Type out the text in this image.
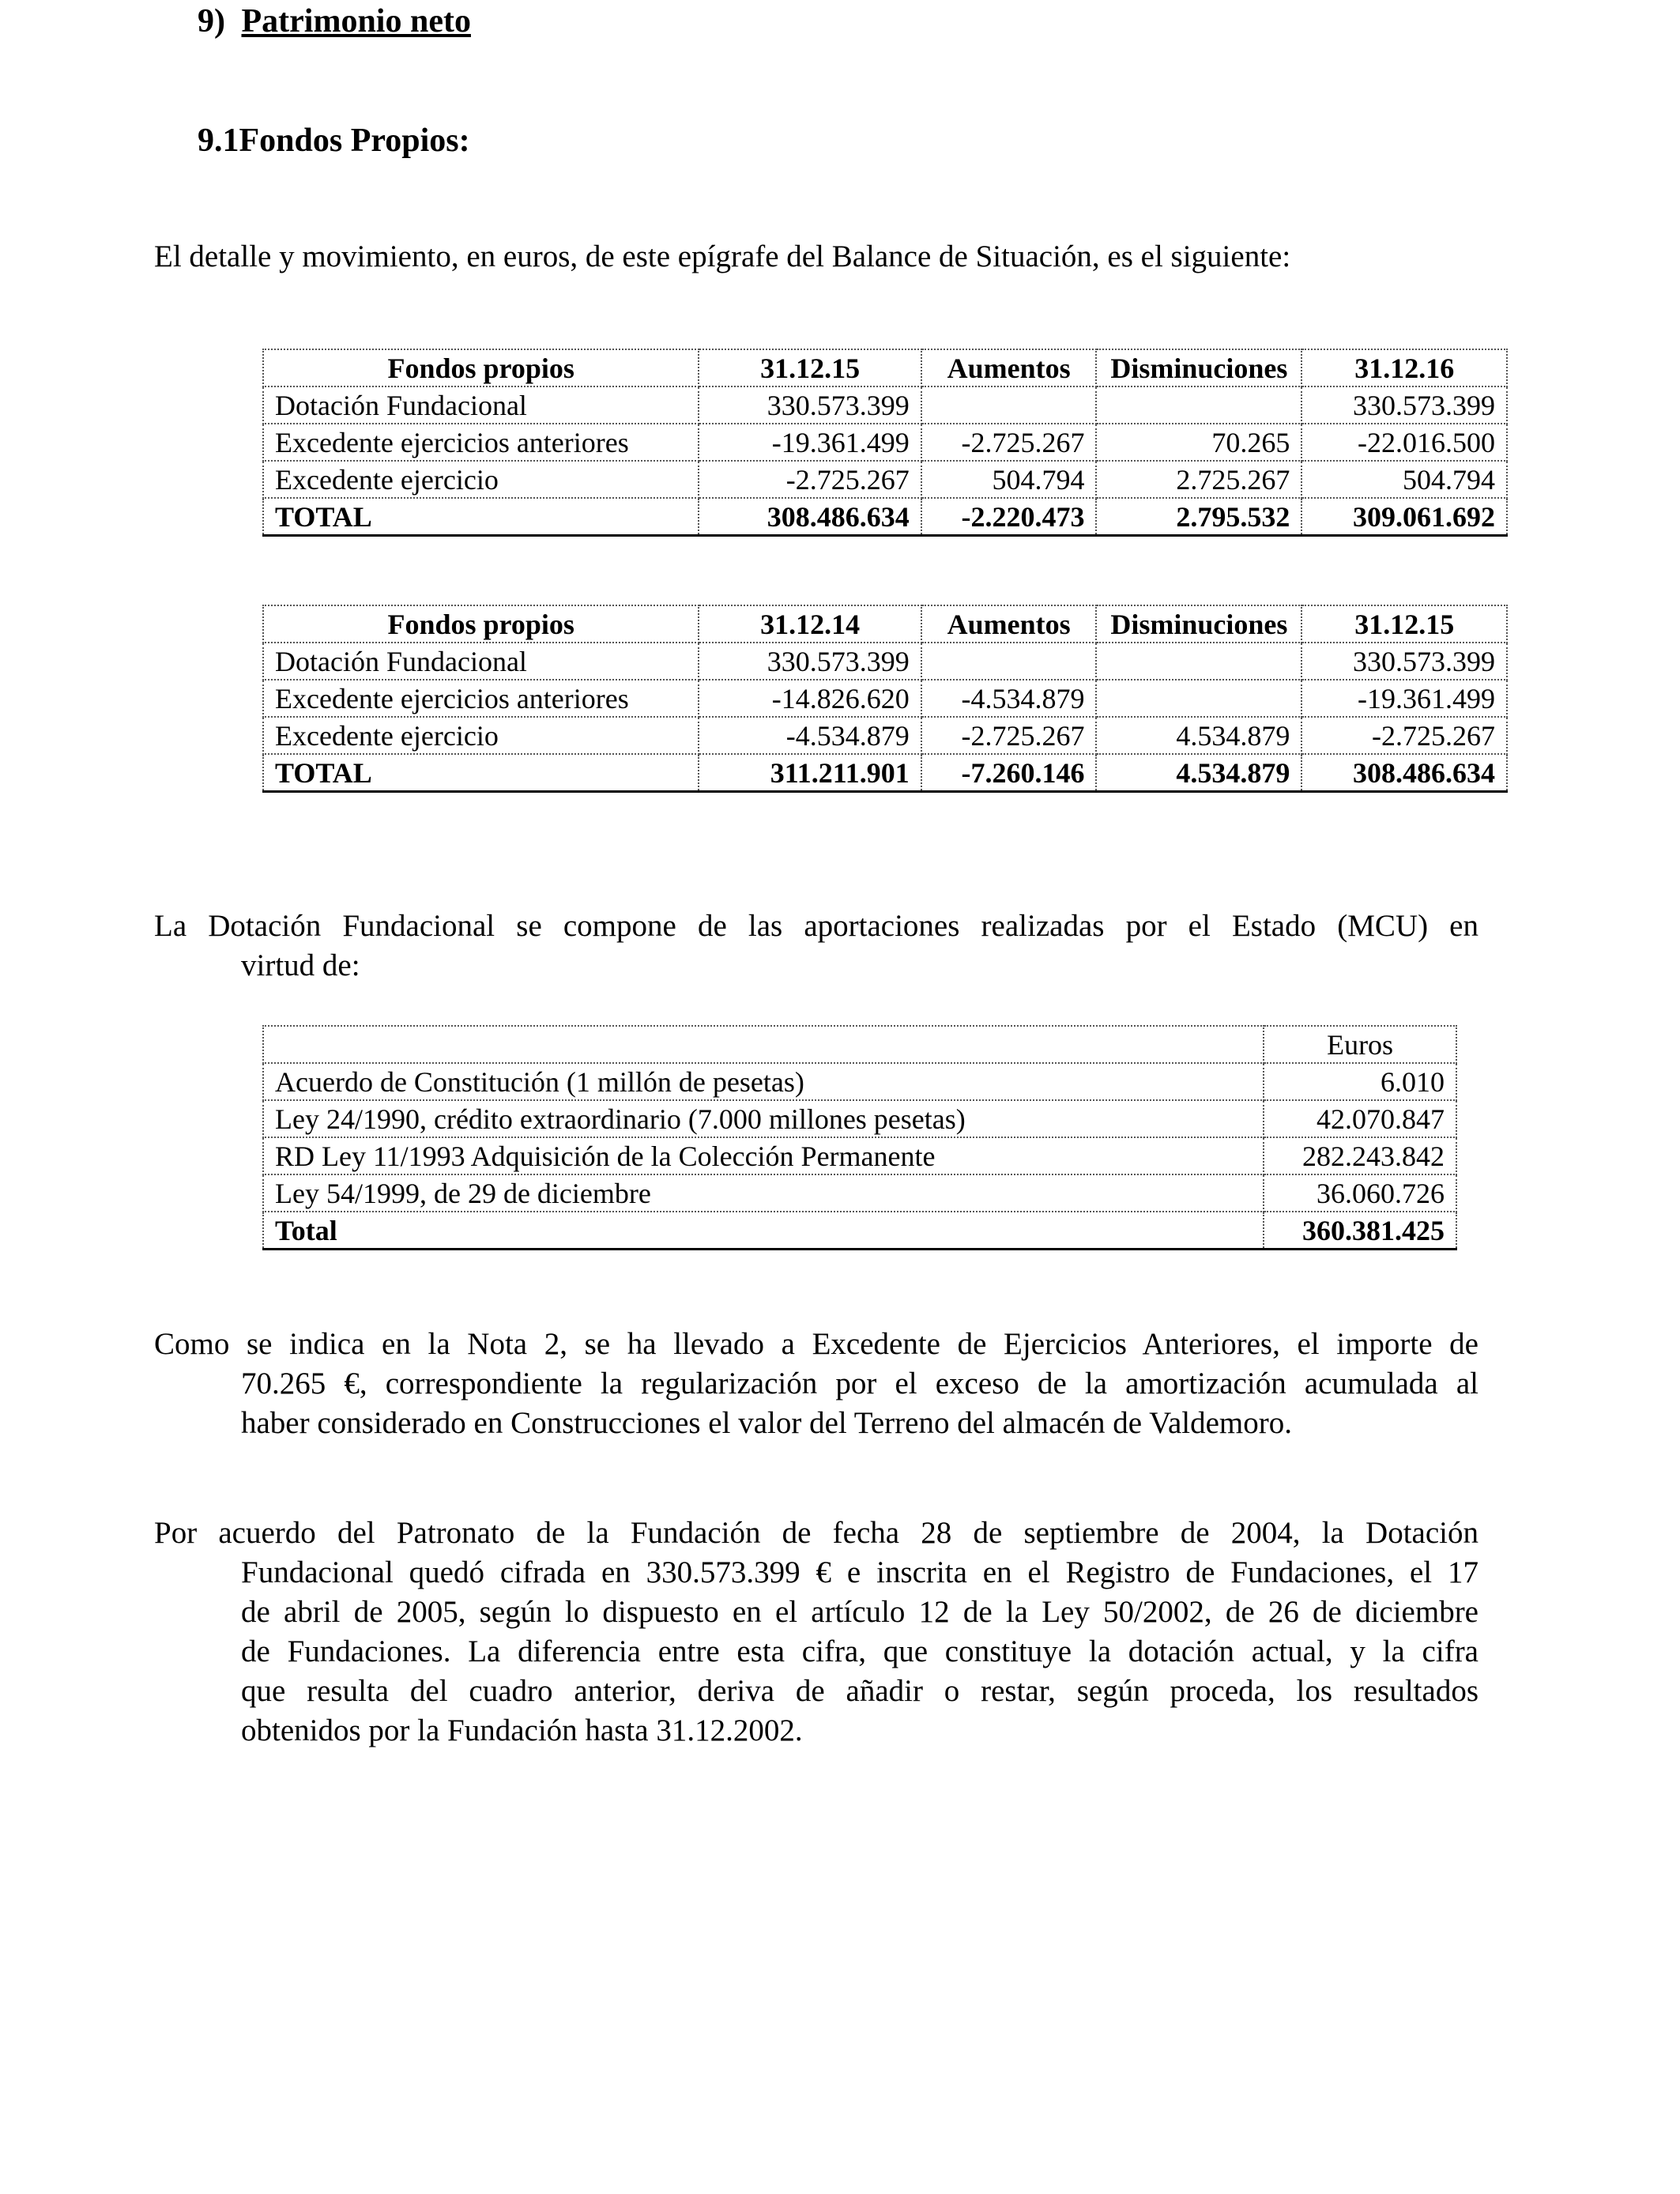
9) Patrimonio neto
9.1Fondos Propios:
El detalle y movimiento, en euros, de este epígrafe del Balance de Situación, es el siguiente:
Fondos propios	31.12.15	Aumentos	Disminuciones	31.12.16
Dotación Fundacional	330.573.399			330.573.399
Excedente ejercicios anteriores	-19.361.499	-2.725.267	70.265	-22.016.500
Excedente ejercicio	-2.725.267	504.794	2.725.267	504.794
TOTAL	308.486.634	-2.220.473	2.795.532	309.061.692
Fondos propios	31.12.14	Aumentos	Disminuciones	31.12.15
Dotación Fundacional	330.573.399			330.573.399
Excedente ejercicios anteriores	-14.826.620	-4.534.879		-19.361.499
Excedente ejercicio	-4.534.879	-2.725.267	4.534.879	-2.725.267
TOTAL	311.211.901	-7.260.146	4.534.879	308.486.634
La Dotación Fundacional se compone de las aportaciones realizadas por el Estado (MCU) en
virtud de:
	Euros
Acuerdo de Constitución (1 millón de pesetas)	6.010
Ley 24/1990, crédito extraordinario (7.000 millones pesetas)	42.070.847
RD Ley 11/1993 Adquisición de la Colección Permanente	282.243.842
Ley 54/1999, de 29 de diciembre	36.060.726
Total	360.381.425
Como se indica en la Nota 2, se ha llevado a Excedente de Ejercicios Anteriores, el importe de
70.265 €, correspondiente la regularización por el exceso de la amortización acumulada al
haber considerado en Construcciones el valor del Terreno del almacén de Valdemoro.
Por acuerdo del Patronato de la Fundación de fecha 28 de septiembre de 2004, la Dotación
Fundacional quedó cifrada en 330.573.399 € e inscrita en el Registro de Fundaciones, el 17
de abril de 2005, según lo dispuesto en el artículo 12 de la Ley 50/2002, de 26 de diciembre
de Fundaciones. La diferencia entre esta cifra, que constituye la dotación actual, y la cifra
que resulta del cuadro anterior, deriva de añadir o restar, según proceda, los resultados
obtenidos por la Fundación hasta 31.12.2002.
